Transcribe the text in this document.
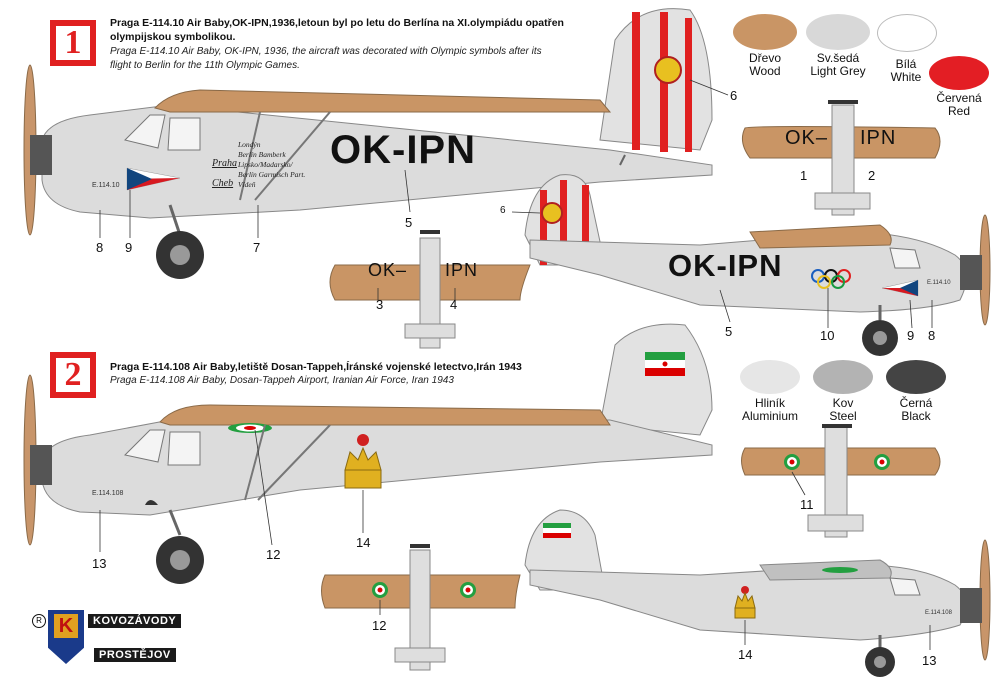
1
Praga E-114.10 Air Baby,OK-IPN,1936,letoun byl po letu do Berlína na XI.olympiádu opatřen
olympijskou symbolikou.
Praga E-114.10 Air Baby, OK-IPN, 1936, the aircraft was decorated with Olympic symbols after its
flight to Berlin for the 11th Olympic Games.
2	Praga E-114.108 Air Baby,letiště Dosan-Tappeh,Íránské vojenské letectvo,Irán 1943
Praga E-114.108 Air Baby, Dosan-Tappeh Airport, Iranian Air Force, Iran 1943
OK-IPN
OK-IPN
OK– IPN
OK– IPN
E.114.10
E.114.10
E.114.108
E.114.108
Praha
Cheb
Londýn
Berlín Bamberk
Lipsko/Madarsko/
Berlín Garmisch Part.
Vídeň
1	2
3	4
5
5
6
6
7
8
8
9
9
10
11
12
12
13
13
14
14
Dřevo
Wood
Sv.šedá
Light Grey	Bílá
White
Červená
Red
Hliník
Aluminium
Kov
Steel
Černá
Black
R K	KOVOZÁVODY
PROSTĚJOV
